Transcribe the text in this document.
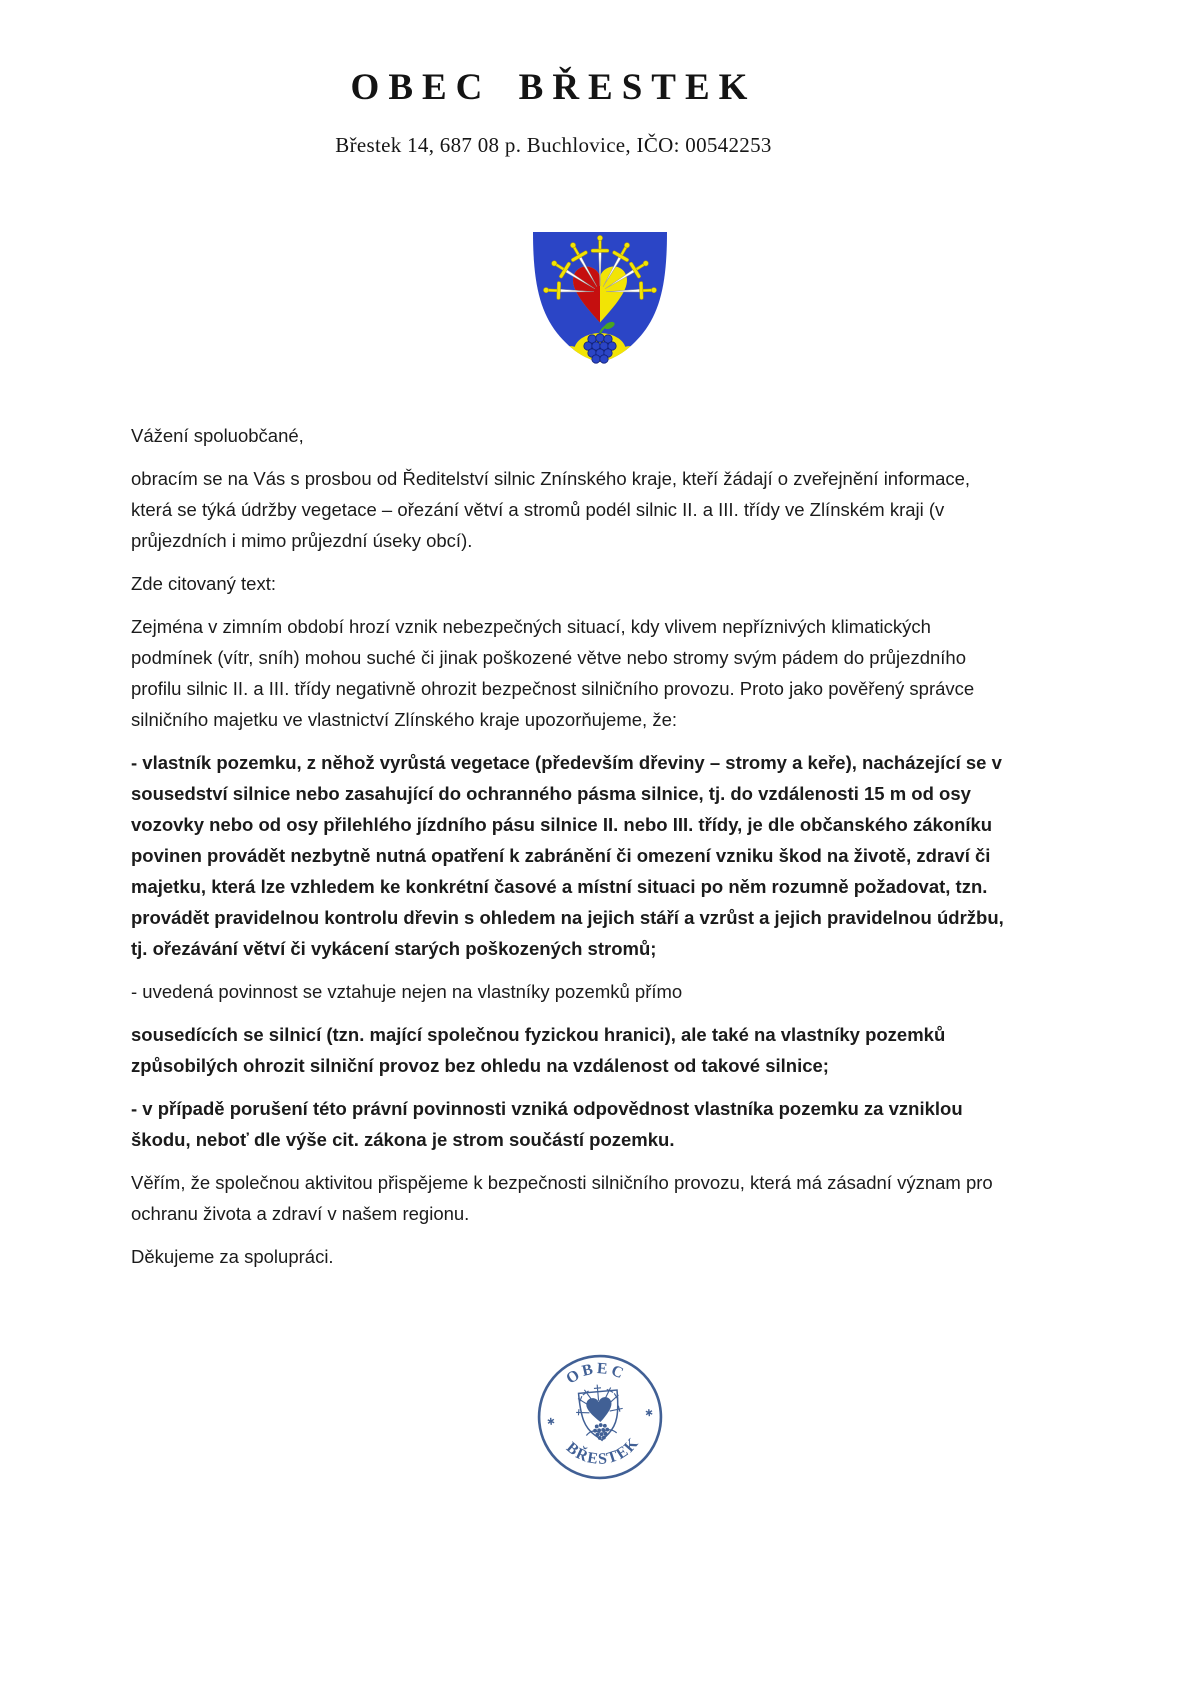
OBEC BŘESTEK
Břestek 14, 687 08 p. Buchlovice, IČO: 00542253

Vážení spoluobčané,

obracím se na Vás s prosbou od Ředitelství silnic Znínského kraje, kteří žádají o zveřejnění informace, která se týká údržby vegetace – ořezání větví a stromů podél silnic II. a III. třídy ve Zlínském kraji (v průjezdních i mimo průjezdní úseky obcí).

Zde citovaný text:

Zejména v zimním období hrozí vznik nebezpečných situací, kdy vlivem nepříznivých klimatických podmínek (vítr, sníh) mohou suché či jinak poškozené větve nebo stromy svým pádem do průjezdního profilu silnic II. a III. třídy negativně ohrozit bezpečnost silničního provozu. Proto jako pověřený správce silničního majetku ve vlastnictví Zlínského kraje upozorňujeme, že:

- vlastník pozemku, z něhož vyrůstá vegetace (především dřeviny – stromy a keře), nacházející se v sousedství silnice nebo zasahující do ochranného pásma silnice, tj. do vzdálenosti 15 m od osy vozovky nebo od osy přilehlého jízdního pásu silnice II. nebo III. třídy, je dle občanského zákoníku povinen provádět nezbytně nutná opatření k zabránění či omezení vzniku škod na životě, zdraví či majetku, která lze vzhledem ke konkrétní časové a místní situaci po něm rozumně požadovat, tzn. provádět pravidelnou kontrolu dřevin s ohledem na jejich stáří a vzrůst a jejich pravidelnou údržbu, tj. ořezávání větví či vykácení starých poškozených stromů;

- uvedená povinnost se vztahuje nejen na vlastníky pozemků přímo

sousedících se silnicí (tzn. mající společnou fyzickou hranici), ale také na vlastníky pozemků způsobilých ohrozit silniční provoz bez ohledu na vzdálenost od takové silnice;

- v případě porušení této právní povinnosti vzniká odpovědnost vlastníka pozemku za vzniklou škodu, neboť dle výše cit. zákona je strom součástí pozemku.

Věřím, že společnou aktivitou přispějeme k bezpečnosti silničního provozu, která má zásadní význam pro ochranu života a zdraví v našem regionu.

Děkujeme za spolupráci.

OBEC
BŘESTEK
